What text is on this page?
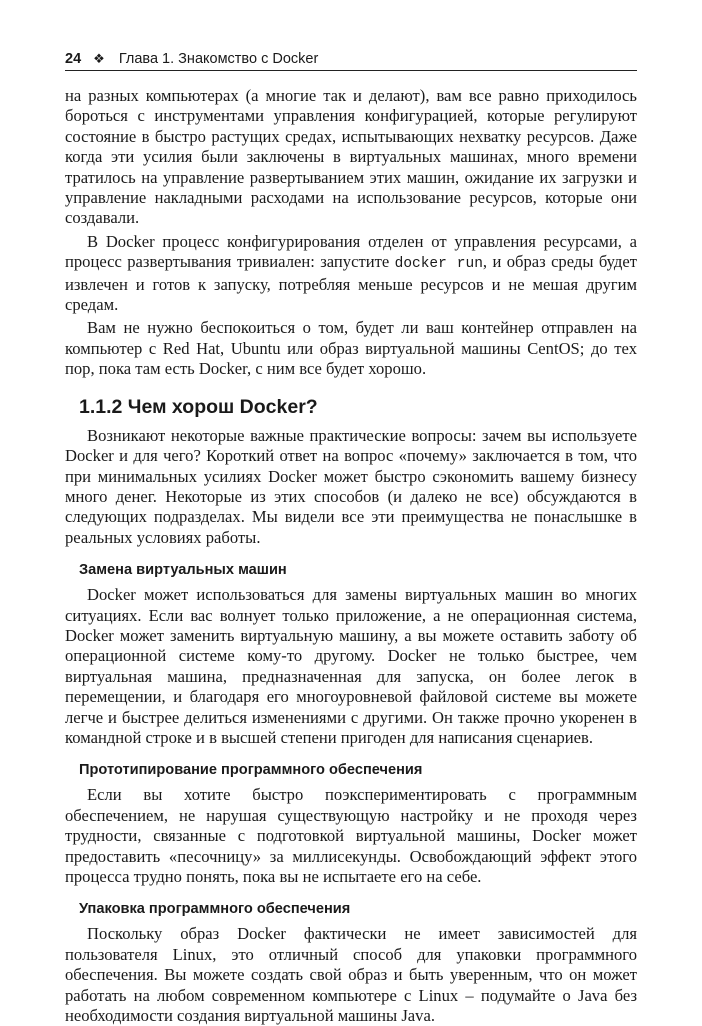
24 ❖ Глава 1. Знакомство с Docker

на разных компьютерах (а многие так и делают), вам все равно приходилось бороться с инструментами управления конфигурацией, которые регулируют состояние в быстро растущих средах, испытывающих нехватку ресурсов. Даже когда эти усилия были заключены в виртуальных машинах, много времени тратилось на управление развертыванием этих машин, ожидание их загрузки и управление накладными расходами на использование ресурсов, которые они создавали.

В Docker процесс конфигурирования отделен от управления ресурсами, а процесс развертывания тривиален: запустите docker run, и образ среды будет извлечен и готов к запуску, потребляя меньше ресурсов и не мешая другим средам.

Вам не нужно беспокоиться о том, будет ли ваш контейнер отправлен на компьютер с Red Hat, Ubuntu или образ виртуальной машины CentOS; до тех пор, пока там есть Docker, с ним все будет хорошо.

1.1.2 Чем хорош Docker?

Возникают некоторые важные практические вопросы: зачем вы используете Docker и для чего? Короткий ответ на вопрос «почему» заключается в том, что при минимальных усилиях Docker может быстро сэкономить вашему бизнесу много денег. Некоторые из этих способов (и далеко не все) обсуждаются в следующих подразделах. Мы видели все эти преимущества не понаслышке в реальных условиях работы.

Замена виртуальных машин

Docker может использоваться для замены виртуальных машин во многих ситуациях. Если вас волнует только приложение, а не операционная система, Docker может заменить виртуальную машину, а вы можете оставить заботу об операционной системе кому-то другому. Docker не только быстрее, чем виртуальная машина, предназначенная для запуска, он более легок в перемещении, и благодаря его многоуровневой файловой системе вы можете легче и быстрее делиться изменениями с другими. Он также прочно укоренен в командной строке и в высшей степени пригоден для написания сценариев.

Прототипирование программного обеспечения

Если вы хотите быстро поэкспериментировать с программным обеспечением, не нарушая существующую настройку и не проходя через трудности, связанные с подготовкой виртуальной машины, Docker может предоставить «песочницу» за миллисекунды. Освобождающий эффект этого процесса трудно понять, пока вы не испытаете его на себе.

Упаковка программного обеспечения

Поскольку образ Docker фактически не имеет зависимостей для пользователя Linux, это отличный способ для упаковки программного обеспечения. Вы можете создать свой образ и быть уверенным, что он может работать на любом современном компьютере с Linux – подумайте о Java без необходимости создания виртуальной машины Java.
